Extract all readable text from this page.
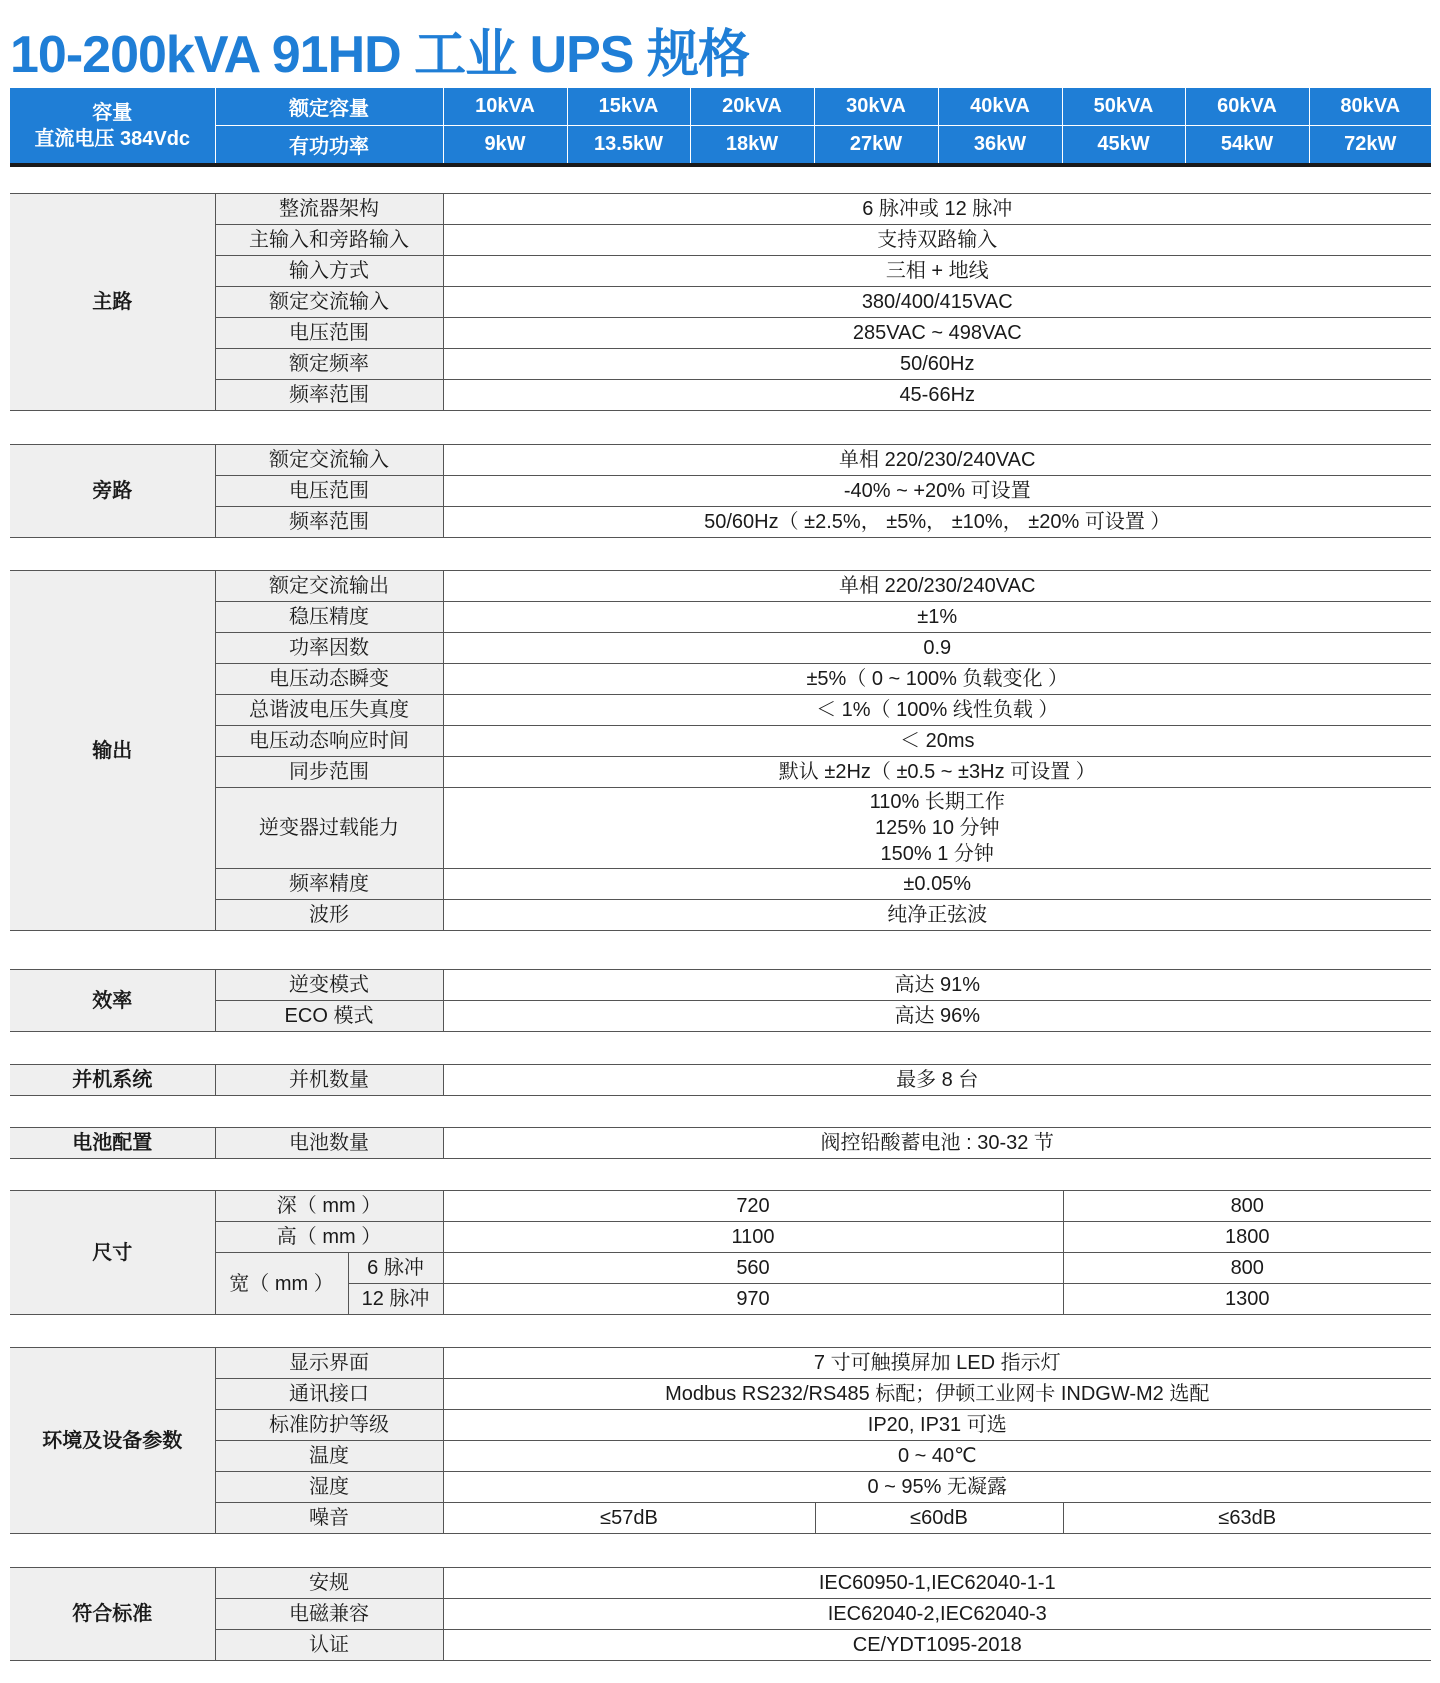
10-200kVA 91HD 工业 UPS 规格
容量
直流电压 384Vdc	额定容量	10kVA	15kVA	20kVA	30kVA	40kVA	50kVA	60kVA	80kVA
	有功功率	9kW	13.5kW	18kW	27kW	36kW	45kW	54kW	72kW
主路	整流器架构	6 脉冲或 12 脉冲
	主输入和旁路输入	支持双路输入
	输入方式	三相 + 地线
	额定交流输入	380/400/415VAC
	电压范围	285VAC ~ 498VAC
	额定频率	50/60Hz
	频率范围	45-66Hz
旁路	额定交流输入	单相 220/230/240VAC
	电压范围	-40% ~ +20% 可设置
	频率范围	50/60Hz（ ±2.5%， ±5%， ±10%， ±20% 可设置 ）
输出	额定交流输出	单相 220/230/240VAC
	稳压精度	±1%
	功率因数	0.9
	电压动态瞬变	±5%（ 0 ~ 100% 负载变化 ）
	总谐波电压失真度	＜ 1%（ 100% 线性负载 ）
	电压动态响应时间	＜ 20ms
	同步范围	默认 ±2Hz（ ±0.5 ~ ±3Hz 可设置 ）
	逆变器过载能力	110% 长期工作
125% 10 分钟
150% 1 分钟

	频率精度	±0.05%
	波形	纯净正弦波
效率	逆变模式	高达 91%
	ECO 模式	高达 96%
并机系统	并机数量	最多 8 台
电池配置	电池数量	阀控铅酸蓄电池 : 30-32 节
尺寸	深（ mm ）		720	800
	高（ mm ）		1100	1800
	宽（ mm ）	6 脉冲	560	800
		12 脉冲	970	1300
环境及设备参数	显示界面	7 寸可触摸屏加 LED 指示灯		
	通讯接口	Modbus RS232/RS485 标配；伊顿工业网卡 INDGW-M2 选配		
	标准防护等级	IP20, IP31 可选		
	温度	0 ~ 40℃		
	湿度	0 ~ 95% 无凝露		
	噪音	≤57dB	≤60dB	≤63dB
符合标准	安规	IEC60950-1,IEC62040-1-1
	电磁兼容	IEC62040-2,IEC62040-3
	认证	CE/YDT1095-2018
